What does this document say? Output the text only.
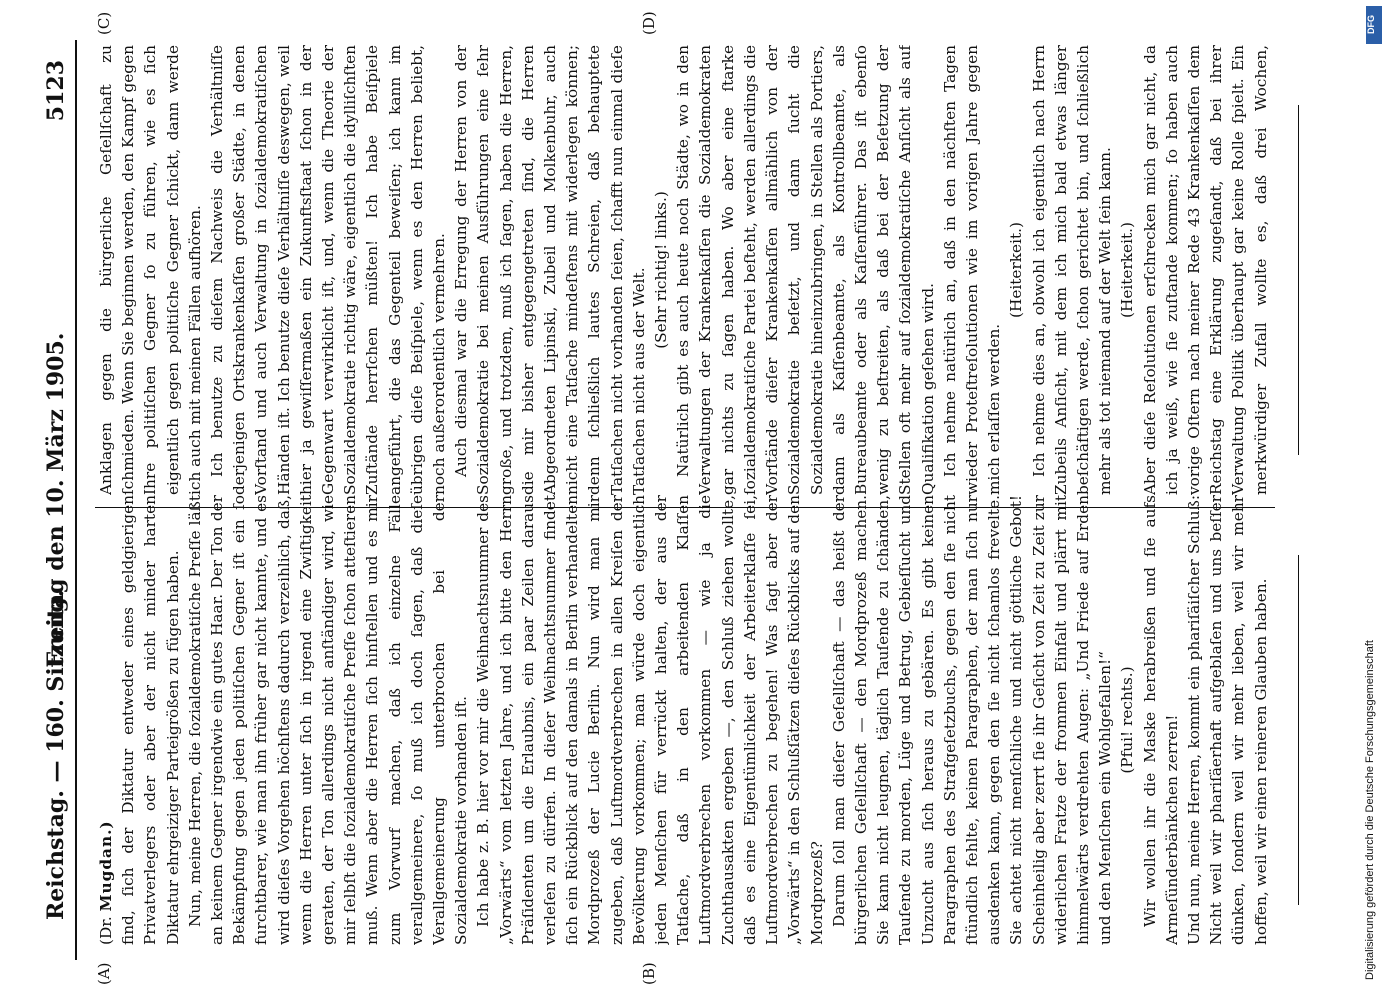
Reichstag. — 160. Sitzung.
Freitag den 10. März 1905.
5123
(A)	(B)
(C)	(D)

(Dr. Mugdan.) find, ſich der Diktatur entweder eines geldgierigen Privatverlegers oder aber der nicht minder harten Diktatur ehrgeiziger Parteigrößen zu fügen haben. Nun, meine Herren, die ſozialdemokratiſche Preſſe läßt an keinem Gegner irgendwie ein gutes Haar. Der Ton der Bekämpfung gegen jeden politiſchen Gegner iſt ein ſo furchtbarer, wie man ihn früher gar nicht kannte, und es wird dieſes Vorgehen höchſtens dadurch verzeihlich, daß, wenn die Herren unter ſich in irgend eine Zwiſtigkeit geraten, der Ton allerdings nicht anſtändiger wird, wie mir ſelbſt die ſozialdemokratiſche Preſſe ſchon atteſtieren muß. Wenn aber die Herren ſich hinſtellen und es mir zum Vorwurf machen, daß ich einzelne Fälle verallgemeinere, ſo muß ich doch ſagen, daß dieſe Verallgemeinerung unterbrochen bei der Sozialdemokratie vorhanden iſt. Ich habe z. B. hier vor mir die Weihnachtsnummer des „Vorwärts“ vom letzten Jahre, und ich bitte den Herrn Präſidenten um die Erlaubnis, ein paar Zeilen daraus verleſen zu dürfen. In dieſer Weihnachtsnummer findet ſich ein Rückblick auf den damals in Berlin verhandelten Mordprozeß der Lucie Berlin. Nun wird man mir zugeben, daß Luſtmordverbrechen in allen Kreiſen der Bevölkerung vorkommen; man würde doch eigentlich jeden Menſchen für verrückt halten, der aus der Tatſache, daß in den arbeitenden Klaſſen Luſtmordverbrechen vorkommen — wie ja die Zuchthausakten ergeben —, den Schluß ziehen wollte, daß es eine Eigentümlichkeit der Arbeiterklaſſe ſei, Luſtmordverbrechen zu begehen! Was ſagt aber der „Vorwärts“ in den Schlußſätzen dieſes Rückblicks auf den Mordprozeß? Darum ſoll man dieſer Geſellſchaft — das heißt der bürgerlichen Geſellſchaft — den Mordprozeß machen. Sie kann nicht leugnen, täglich Tauſende zu ſchänden, Tauſende zu morden, Lüge und Betrug, Gebieſſucht und Unzucht aus ſich heraus zu gebären. Es gibt keinen Paragraphen des Strafgeſetzbuchs, gegen den ſie nicht ſtündlich fehlte, keinen Paragraphen, der man ſich nur ausdenken kann, gegen den ſie nicht ſchamlos frevelte. Sie achtet nicht menſchliche und nicht göttliche Gebot! Scheinheilig aber zerrt ſie ihr Geſicht von Zeit zu Zeit zur widerlichen Fratze der frommen Einfalt und plärrt mit himmelwärts verdrehten Augen: „Und Friede auf Erden und den Menſchen ein Wohlgefallen!“ (Pfui! rechts.) Wir wollen ihr die Maske herabreißen und ſie aufs Armeſünderbänkchen zerren! Und nun, meine Herren, kommt ein phariſäiſcher Schluß: Nicht weil wir phariſäerhaft aufgeblaſen und uns beſſer dünken, ſondern weil wir mehr lieben, weil wir mehr hoffen, weil wir einen reineren Glauben haben.

Anklagen gegen die bürgerliche Geſellſchaft zu ſchmieden. Wenn Sie beginnen werden, den Kampf gegen Ihre politiſchen Gegner ſo zu führen, wie es ſich eigentlich gegen politiſche Gegner ſchickt, dann werde ich auch mit meinen Fällen aufhören. Ich benutze zu dieſem Nachweis die Verhältniſſe derjenigen Ortskrankenkaſſen großer Städte, in denen Vorſtand und auch Verwaltung in ſozialdemokratiſchen Händen iſt. Ich benutze dieſe Verhältniſſe deswegen, weil hier ja gewiſſermaßen ein Zukunftsſtaat ſchon in der Gegenwart verwirklicht iſt, und, wenn die Theorie der Sozialdemokratie richtig wäre, eigentlich die idylliſchſten Zuſtände herrſchen müßten! Ich habe Beiſpiele angeführt, die das Gegenteil beweiſen; ich kann im übrigen dieſe Beiſpiele, wenn es den Herren beliebt, noch außerordentlich vermehren. Auch diesmal war die Erregung der Herren von der Sozialdemokratie bei meinen Ausführungen eine ſehr große, und trotzdem, muß ich ſagen, haben die Herren, die mir bisher entgegengetreten ſind, die Herren Abgeordneten Lipinski, Zubeil und Molkenbuhr, auch nicht eine Tatſache mindeſtens mit widerlegen können; denn ſchließlich lautes Schreien, daß behauptete Tatſachen nicht vorhanden ſeien, ſchafft nun einmal dieſe Tatſachen nicht aus der Welt. (Sehr richtig! links.) Natürlich gibt es auch heute noch Städte, wo in den Verwaltungen der Krankenkaſſen die Sozialdemokraten gar nichts zu ſagen haben. Wo aber eine ſtarke ſozialdemokratiſche Partei beſteht, werden allerdings die Vorſtände dieſer Krankenkaſſen allmählich von der Sozialdemokratie beſetzt, und dann ſucht die Sozialdemokratie hineinzubringen, in Stellen als Portiers, dann als Kaſſenbeamte, als Kontrollbeamte, als Bureaubeamte oder als Kaſſenführer. Das iſt ebenſo wenig zu beſtreiten, als daß bei der Beſetzung der Stellen oft mehr auf ſozialdemokratiſche Anſicht als auf Qualifikation geſehen wird. Ich nehme natürlich an, daß in den nächſten Tagen wieder Proteſtreſolutionen wie im vorigen Jahre gegen mich erlaſſen werden.

(Heiterkeit.) Ich nehme dies an, obwohl ich eigentlich nach Herrn Zubeils Anſicht, mit dem ich mich bald etwas länger beſchäftigen werde, ſchon gerichtet bin, und ſchließlich mehr als tot niemand auf der Welt ſein kann. (Heiterkeit.)

Aber dieſe Reſolutionen erſchrecken mich gar nicht, da ich ja weiß, wie ſie zuſtande kommen; ſo haben auch vorige Oſtern nach meiner Rede 43 Krankenkaſſen dem Reichstag eine Erklärung zugeſandt, daß bei ihrer Verwaltung Politik überhaupt gar keine Rolle ſpielt. Ein merkwürdiger Zufall wollte es, daß drei Wochen,

DFG
Digitalisierung gefördert durch die Deutsche Forschungsgemeinschaft
